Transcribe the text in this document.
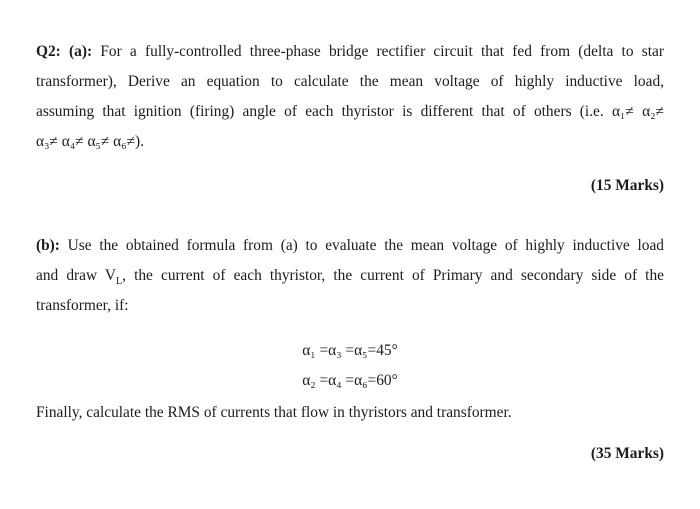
Q2: (a): For a fully-controlled three-phase bridge rectifier circuit that fed from (delta to star
transformer), Derive an equation to calculate the mean voltage of highly inductive load,
assuming that ignition (firing) angle of each thyristor is different that of others (i.e. α₁≠ α₂≠
α₃≠ α₄≠ α₅≠ α₆≠).
(15 Marks)
(b): Use the obtained formula from (a) to evaluate the mean voltage of highly inductive load
and draw $V_L$, the current of each thyristor, the current of Primary and secondary side of the
transformer, if:
α₁ =α₃ =α₅=45°
α₂ =α₄ =α₆=60°
Finally, calculate the RMS of currents that flow in thyristors and transformer.
(35 Marks)
